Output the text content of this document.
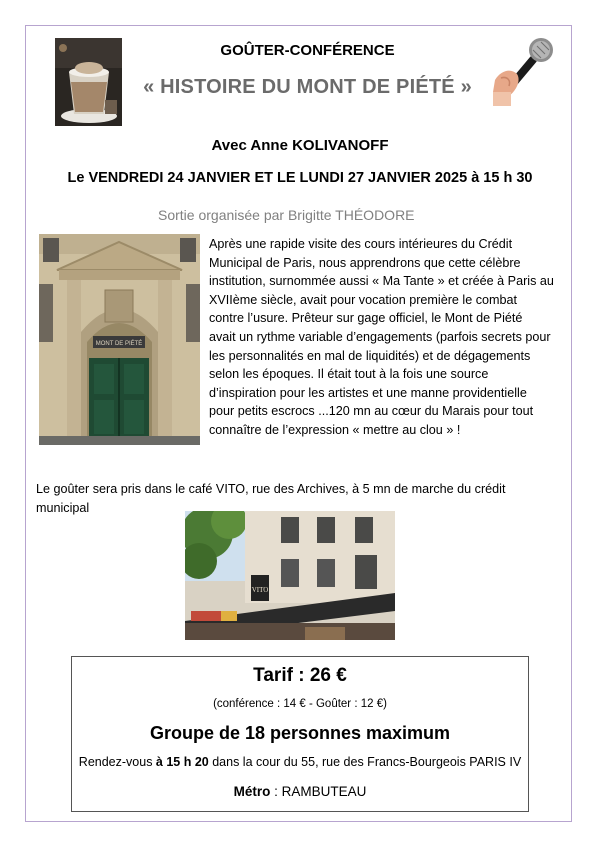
GOÛTER-CONFÉRENCE
« HISTOIRE DU MONT DE PIÉTÉ »
Avec Anne KOLIVANOFF
Le VENDREDI 24 JANVIER ET LE LUNDI 27 JANVIER 2025 à 15 h 30
Sortie organisée par Brigitte THÉODORE
MONT DE PIÉTÉ
Après une rapide visite des cours intérieures du Crédit
Municipal de Paris, nous apprendrons que cette célèbre
institution, surnommée aussi « Ma Tante » et créée à Paris au
XVIIème siècle, avait pour vocation première le combat
contre l’usure. Prêteur sur gage officiel, le Mont de Piété
avait un rythme variable d’engagements (parfois secrets pour
les personnalités en mal de liquidités) et de dégagements
selon les époques. Il était tout à la fois une source
d’inspiration pour les artistes et une manne providentielle
pour petits escrocs ...120 mn au cœur du Marais pour tout
connaître de l’expression « mettre au clou » !
Le goûter sera pris dans le café VITO, rue des Archives, à 5 mn de marche du crédit
municipal
VITO
Tarif : 26 €
(conférence : 14 € - Goûter : 12 €)
Groupe de 18 personnes maximum
Rendez-vous à 15 h 20 dans la cour du 55, rue des Francs-Bourgeois PARIS IV
Métro : RAMBUTEAU
